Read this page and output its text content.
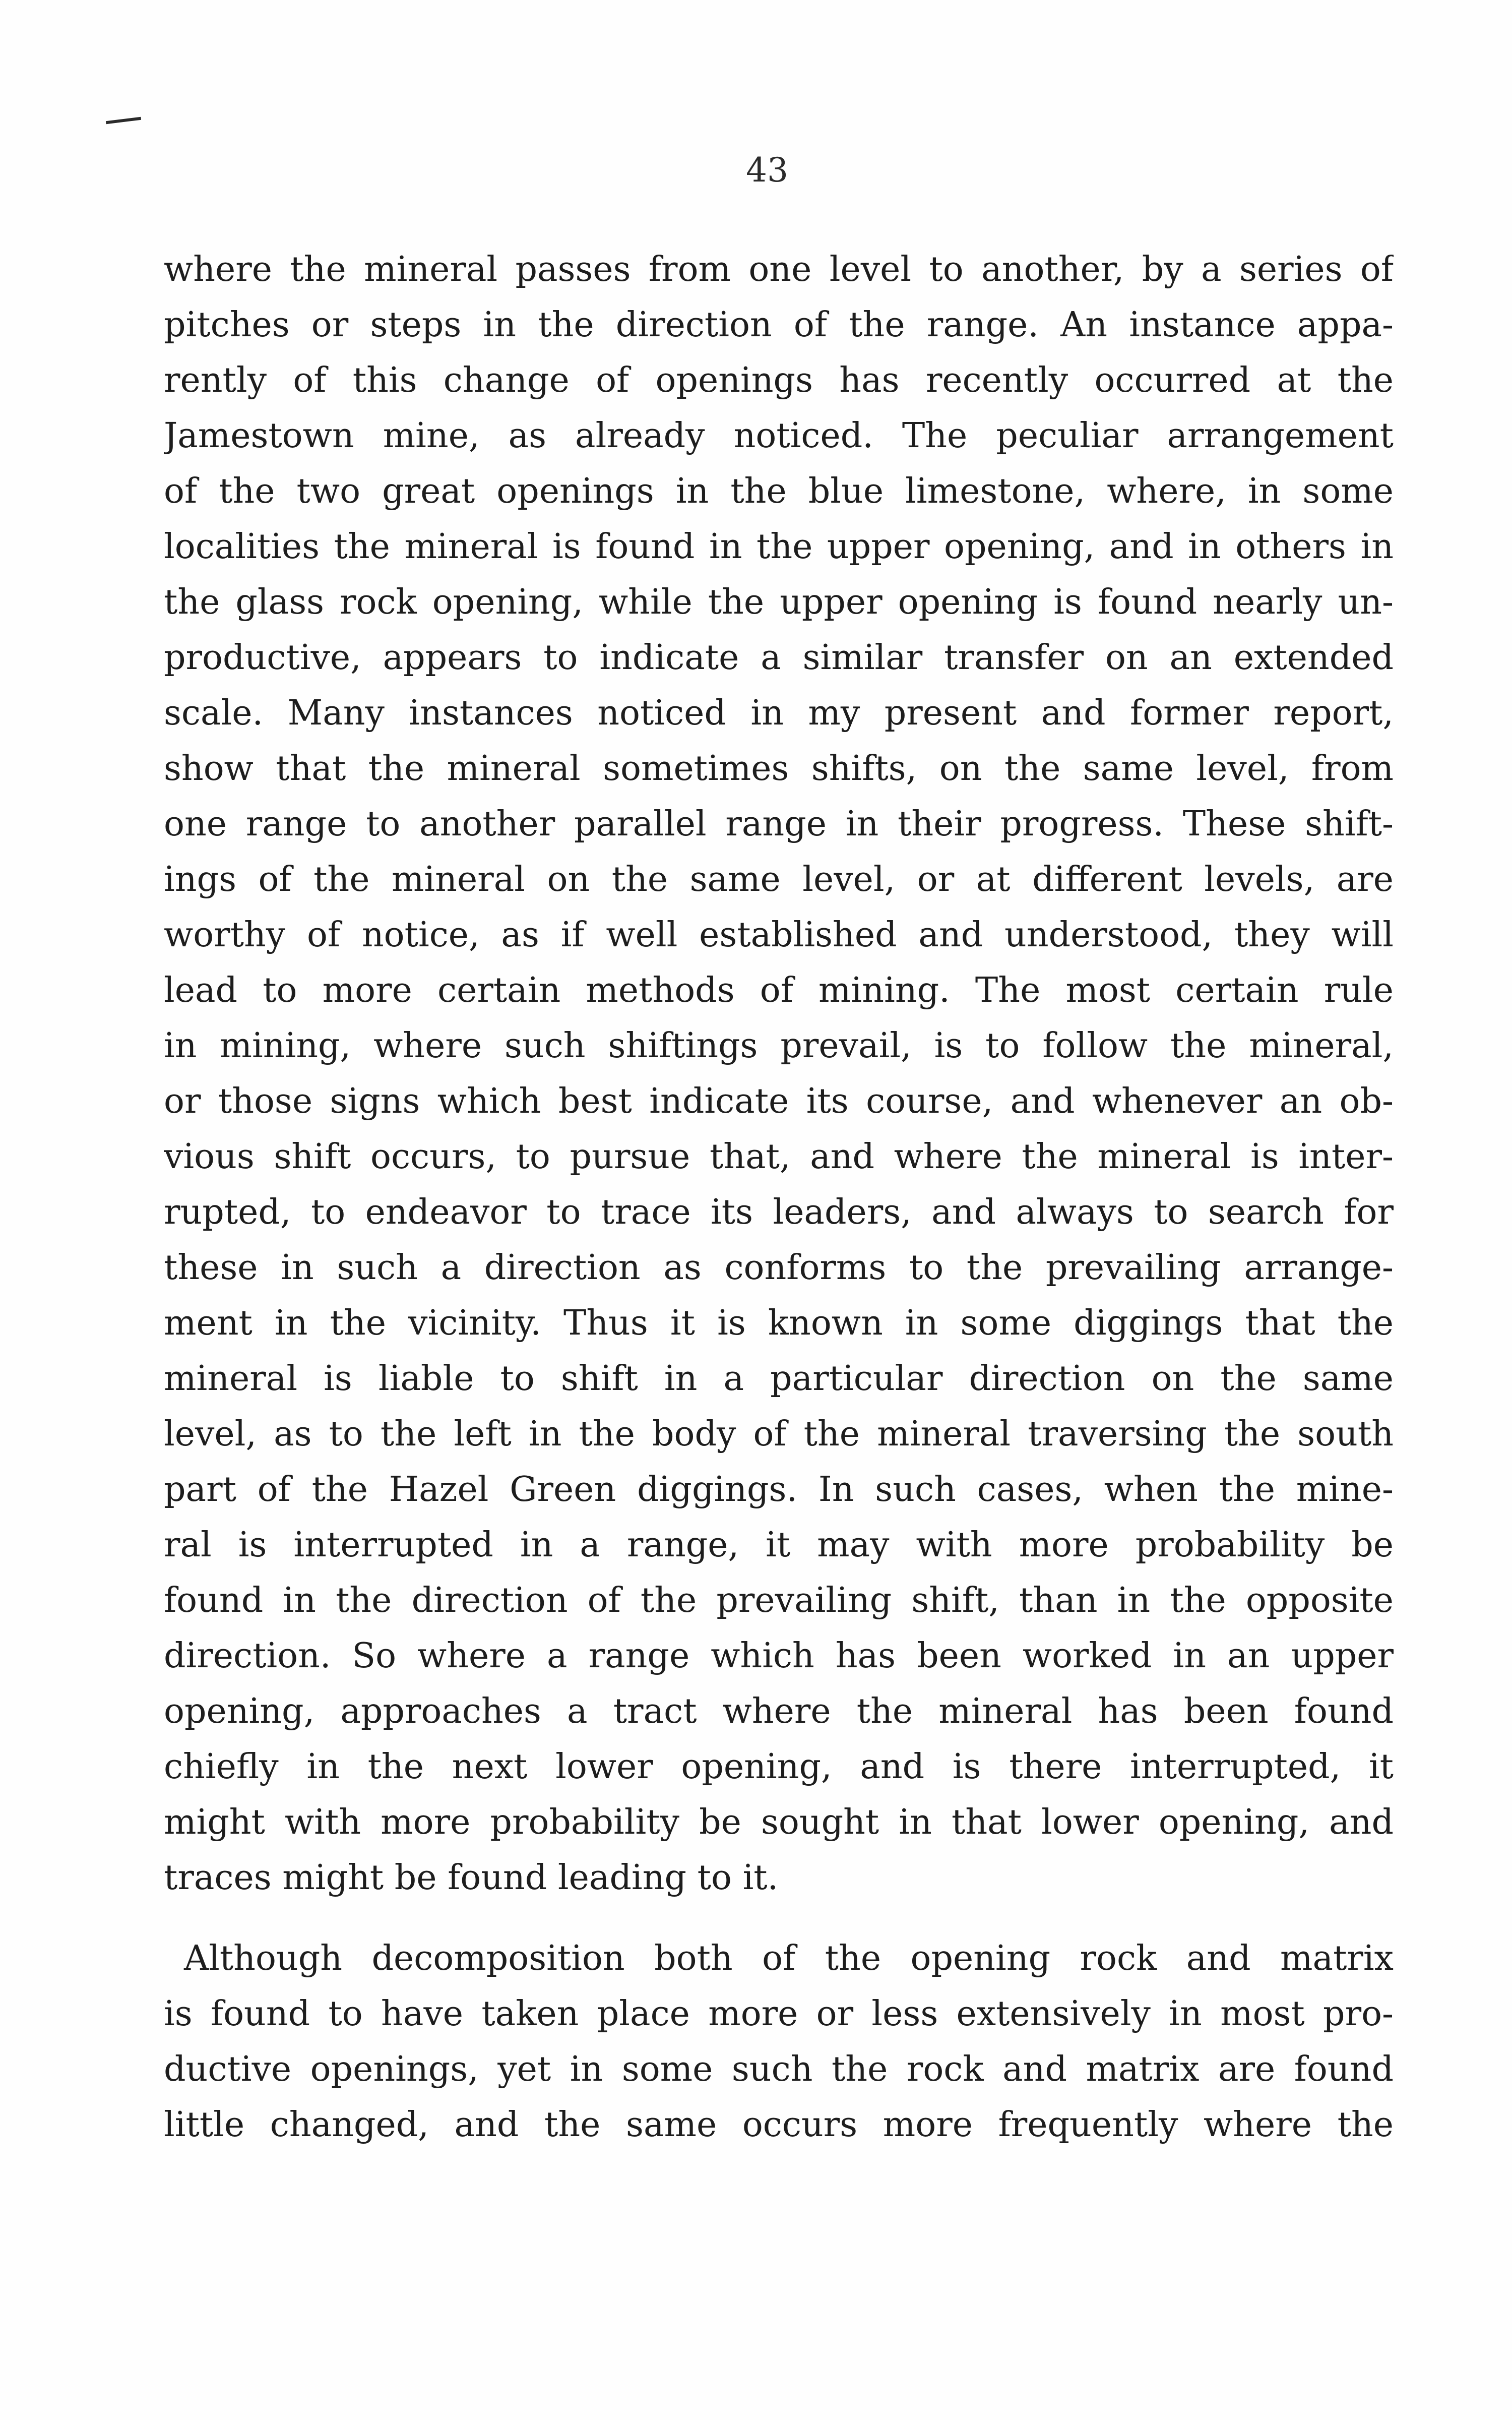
43
where the mineral passes from one level to another, by a series of
pitches or steps in the direction of the range. An instance appa-
rently of this change of openings has recently occurred at the
Jamestown mine, as already noticed. The peculiar arrangement
of the two great openings in the blue limestone, where, in some
localities the mineral is found in the upper opening, and in others in
the glass rock opening, while the upper opening is found nearly un-
productive, appears to indicate a similar transfer on an extended
scale. Many instances noticed in my present and former report,
show that the mineral sometimes shifts, on the same level, from
one range to another parallel range in their progress. These shift-
ings of the mineral on the same level, or at different levels, are
worthy of notice, as if well established and understood, they will
lead to more certain methods of mining. The most certain rule
in mining, where such shiftings prevail, is to follow the mineral,
or those signs which best indicate its course, and whenever an ob-
vious shift occurs, to pursue that, and where the mineral is inter-
rupted, to endeavor to trace its leaders, and always to search for
these in such a direction as conforms to the prevailing arrange-
ment in the vicinity. Thus it is known in some diggings that the
mineral is liable to shift in a particular direction on the same
level, as to the left in the body of the mineral traversing the south
part of the Hazel Green diggings. In such cases, when the mine-
ral is interrupted in a range, it may with more probability be
found in the direction of the prevailing shift, than in the opposite
direction. So where a range which has been worked in an upper
opening, approaches a tract where the mineral has been found
chiefly in the next lower opening, and is there interrupted, it
might with more probability be sought in that lower opening, and
traces might be found leading to it.
Although decomposition both of the opening rock and matrix
is found to have taken place more or less extensively in most pro-
ductive openings, yet in some such the rock and matrix are found
little changed, and the same occurs more frequently where the
